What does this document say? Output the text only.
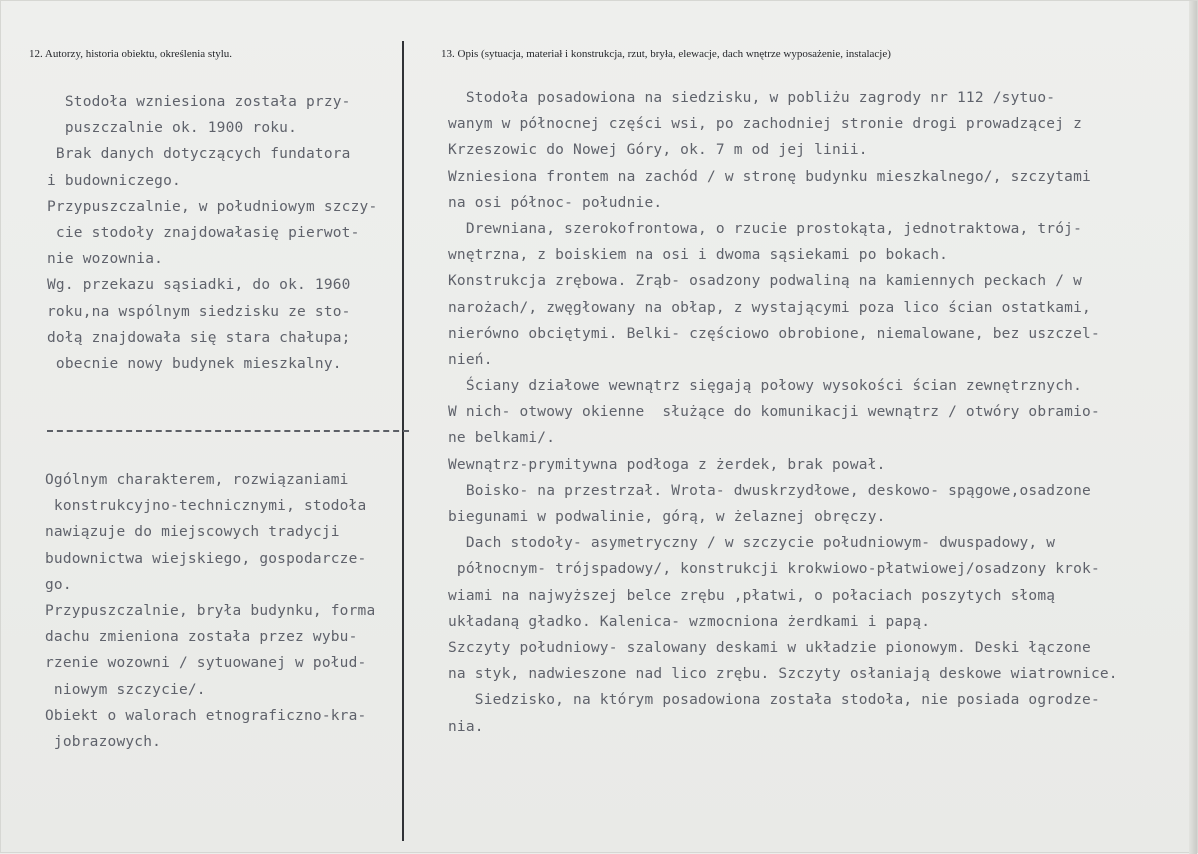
12. Autorzy, historia obiektu, określenia stylu.	13. Opis (sytuacja, materiał i konstrukcja, rzut, bryła, elewacje, dach wnętrze wyposażenie, instalacje)
Stodoła wzniesiona została przy-
puszczalnie ok. 1900 roku.
Brak danych dotyczących fundatora
i budowniczego.
Przypuszczalnie, w południowym szczy-
cie stodoły znajdowałasię pierwot-
nie wozownia.
Wg. przekazu sąsiadki, do ok. 1960
roku,na wspólnym siedzisku ze sto-
dołą znajdowała się stara chałupa;
obecnie nowy budynek mieszkalny.
Ogólnym charakterem, rozwiązaniami
konstrukcyjno-technicznymi, stodoła
nawiązuje do miejscowych tradycji
budownictwa wiejskiego, gospodarcze-
go.
Przypuszczalnie, bryła budynku, forma
dachu zmieniona została przez wybu-
rzenie wozowni / sytuowanej w połud-
niowym szczycie/.
Obiekt o walorach etnograficzno-kra-
jobrazowych.
Stodoła posadowiona na siedzisku, w pobliżu zagrody nr 112 /sytuo-
wanym w północnej części wsi, po zachodniej stronie drogi prowadzącej z
Krzeszowic do Nowej Góry, ok. 7 m od jej linii.
Wzniesiona frontem na zachód / w stronę budynku mieszkalnego/, szczytami
na osi północ- południe.
Drewniana, szerokofrontowa, o rzucie prostokąta, jednotraktowa, trój-
wnętrzna, z boiskiem na osi i dwoma sąsiekami po bokach.
Konstrukcja zrębowa. Zrąb- osadzony podwaliną na kamiennych peckach / w
narożach/, zwęgłowany na obłap, z wystającymi poza lico ścian ostatkami,
nierówno obciętymi. Belki- częściowo obrobione, niemalowane, bez uszczel-
nień.
Ściany działowe wewnątrz sięgają połowy wysokości ścian zewnętrznych.
W nich- otwowy okienne  służące do komunikacji wewnątrz / otwóry obramio-
ne belkami/.
Wewnątrz-prymitywna podłoga z żerdek, brak pował.
Boisko- na przestrzał. Wrota- dwuskrzydłowe, deskowo- spągowe,osadzone
biegunami w podwalinie, górą, w żelaznej obręczy.
Dach stodoły- asymetryczny / w szczycie południowym- dwuspadowy, w
północnym- trójspadowy/, konstrukcji krokwiowo-płatwiowej/osadzony krok-
wiami na najwyższej belce zrębu ,płatwi, o połaciach poszytych słomą
układaną gładko. Kalenica- wzmocniona żerdkami i papą.
Szczyty południowy- szalowany deskami w układzie pionowym. Deski łączone
na styk, nadwieszone nad lico zrębu. Szczyty osłaniają deskowe wiatrownice.
Siedzisko, na którym posadowiona została stodoła, nie posiada ogrodze-
nia.
